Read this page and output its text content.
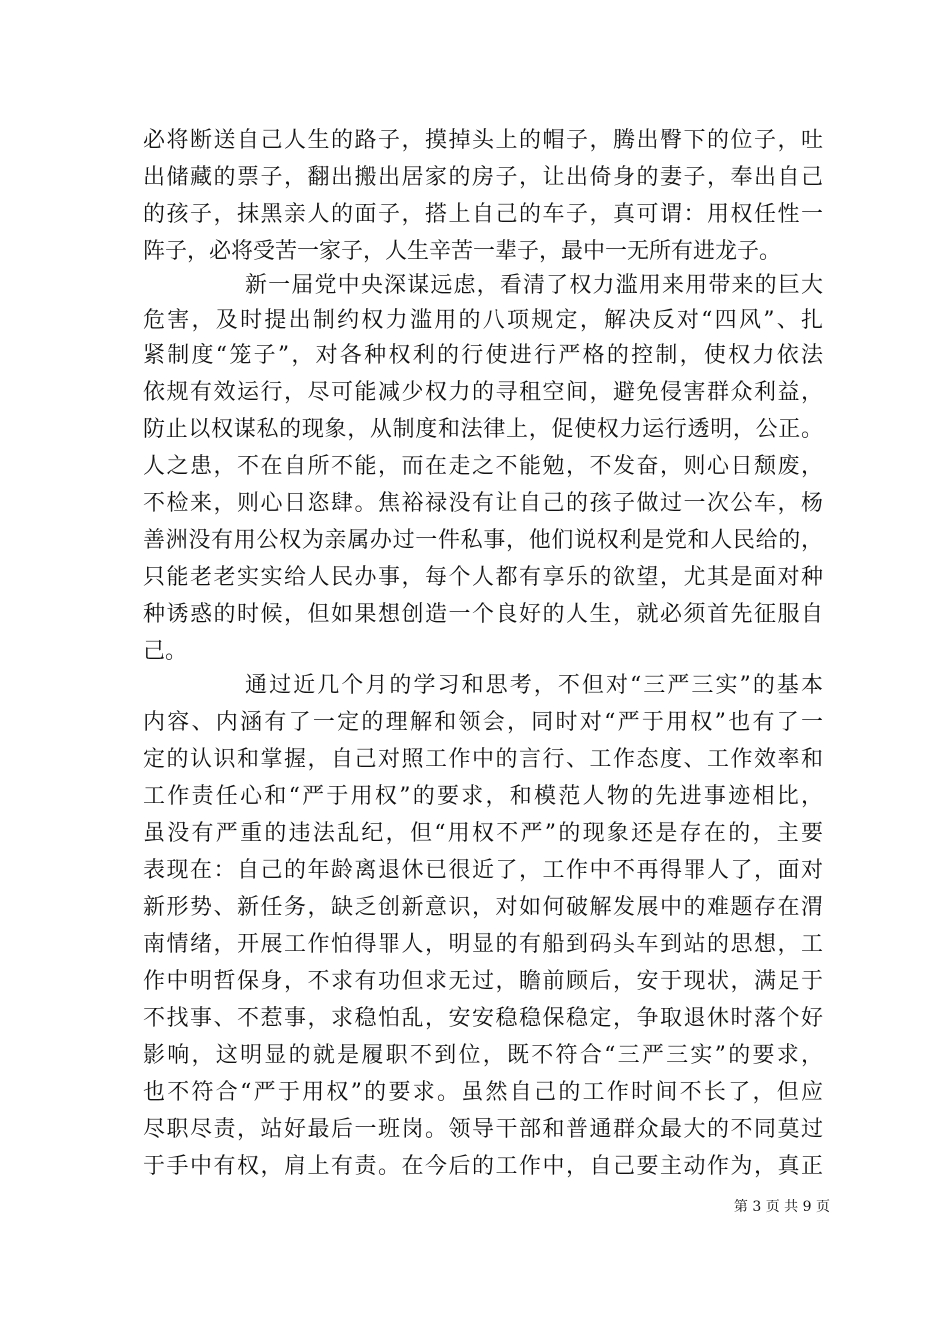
必将断送自己人生的路子，摸掉头上的帽子，腾出臀下的位子，吐
出储藏的票子，翻出搬出居家的房子，让出倚身的妻子，奉出自己
的孩子，抹黑亲人的面子，搭上自己的车子，真可谓：用权任性一
阵子，必将受苦一家子，人生辛苦一辈子，最中一无所有进龙子。
新一届党中央深谋远虑，看清了权力滥用来用带来的巨大
危害，及时提出制约权力滥用的八项规定，解决反对“四风”、扎
紧制度“笼子”，对各种权利的行使进行严格的控制，使权力依法
依规有效运行，尽可能减少权力的寻租空间，避免侵害群众利益，
防止以权谋私的现象，从制度和法律上，促使权力运行透明，公正。
人之患，不在自所不能，而在走之不能勉，不发奋，则心日颓废，
不检来，则心日恣肆。焦裕禄没有让自己的孩子做过一次公车，杨
善洲没有用公权为亲属办过一件私事，他们说权利是党和人民给的，
只能老老实实给人民办事，每个人都有享乐的欲望，尤其是面对种
种诱惑的时候，但如果想创造一个良好的人生，就必须首先征服自
己。
通过近几个月的学习和思考，不但对“三严三实”的基本
内容、内涵有了一定的理解和领会，同时对“严于用权”也有了一
定的认识和掌握，自己对照工作中的言行、工作态度、工作效率和
工作责任心和“严于用权”的要求，和模范人物的先进事迹相比，
虽没有严重的违法乱纪，但“用权不严”的现象还是存在的，主要
表现在：自己的年龄离退休已很近了，工作中不再得罪人了，面对
新形势、新任务，缺乏创新意识，对如何破解发展中的难题存在渭
南情绪，开展工作怕得罪人，明显的有船到码头车到站的思想，工
作中明哲保身，不求有功但求无过，瞻前顾后，安于现状，满足于
不找事、不惹事，求稳怕乱，安安稳稳保稳定，争取退休时落个好
影响，这明显的就是履职不到位，既不符合“三严三实”的要求，
也不符合“严于用权”的要求。虽然自己的工作时间不长了，但应
尽职尽责，站好最后一班岗。领导干部和普通群众最大的不同莫过
于手中有权，肩上有责。在今后的工作中，自己要主动作为，真正
第 3 页 共 9 页
